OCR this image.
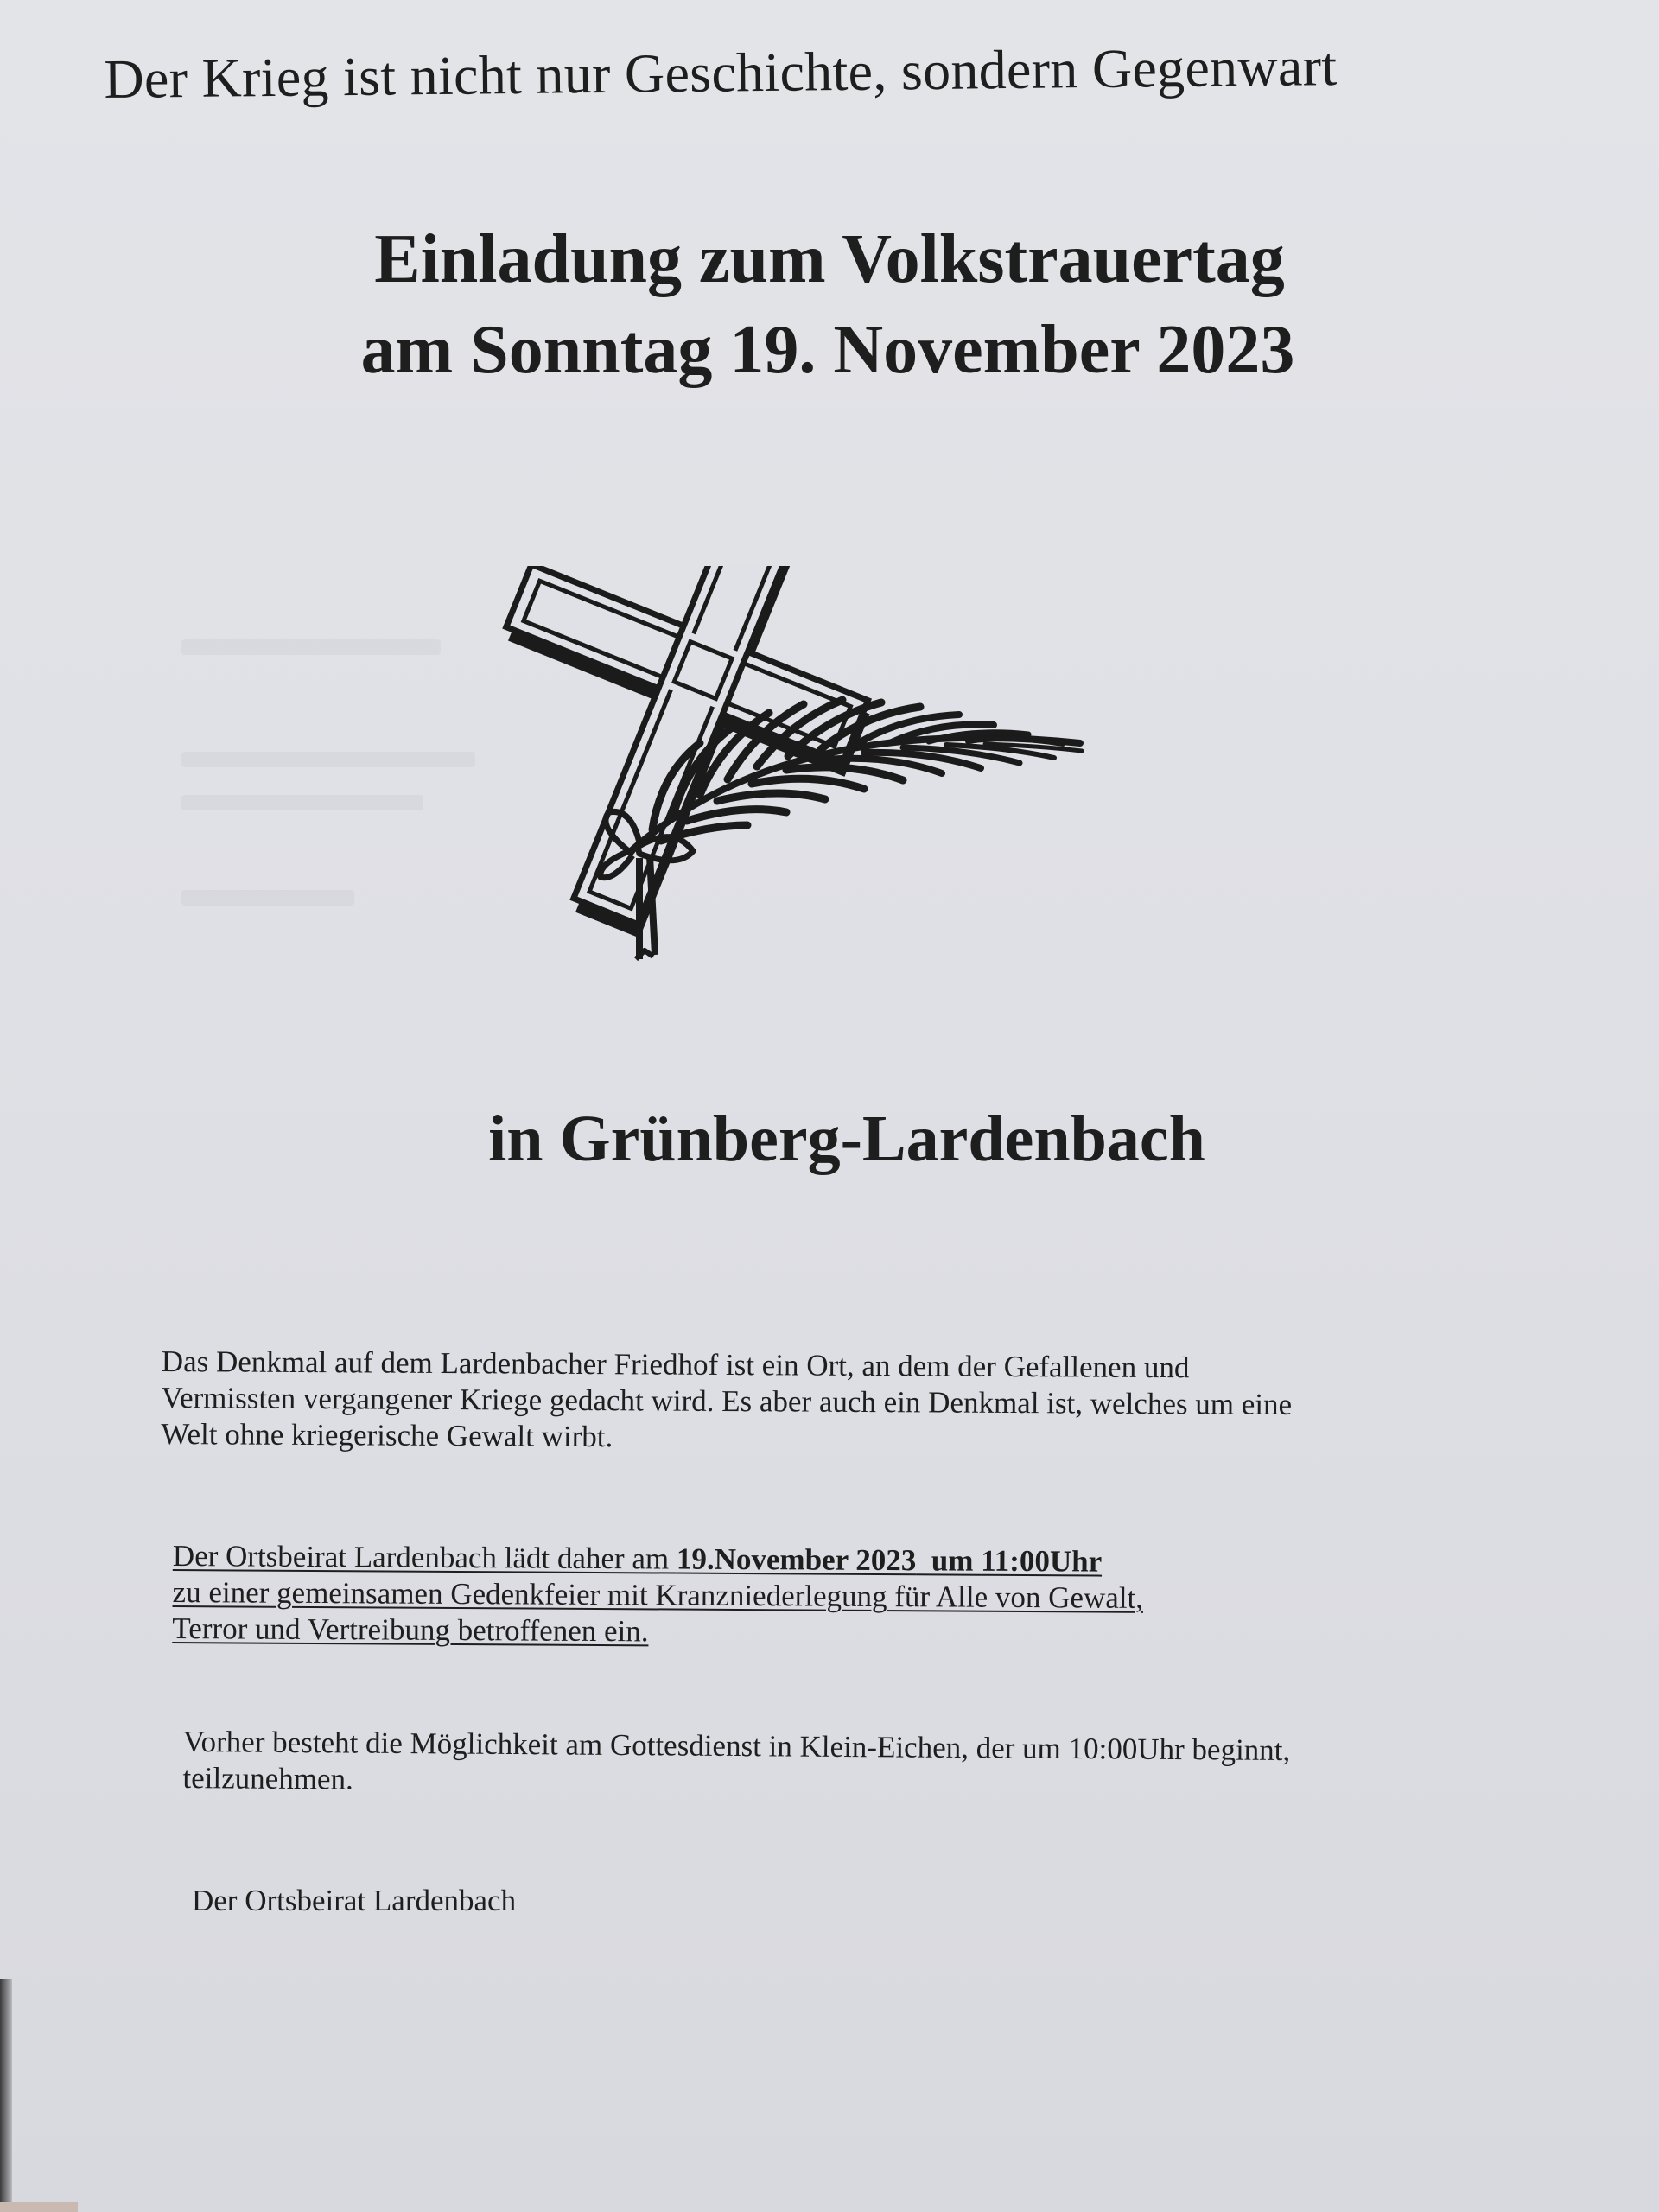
Der Krieg ist nicht nur Geschichte, sondern Gegenwart
Einladung zum Volkstrauertag
am Sonntag 19. November 2023
in Grünberg-Lardenbach
Das Denkmal auf dem Lardenbacher Friedhof ist ein Ort, an dem der Gefallenen und
Vermissten vergangener Kriege gedacht wird. Es aber auch ein Denkmal ist, welches um eine
Welt ohne kriegerische Gewalt wirbt.
Der Ortsbeirat Lardenbach lädt daher am 19.November 2023  um 11:00Uhr
zu einer gemeinsamen Gedenkfeier mit Kranzniederlegung für Alle von Gewalt,
Terror und Vertreibung betroffenen ein.
Vorher besteht die Möglichkeit am Gottesdienst in Klein-Eichen, der um 10:00Uhr beginnt,
teilzunehmen.
Der Ortsbeirat Lardenbach
